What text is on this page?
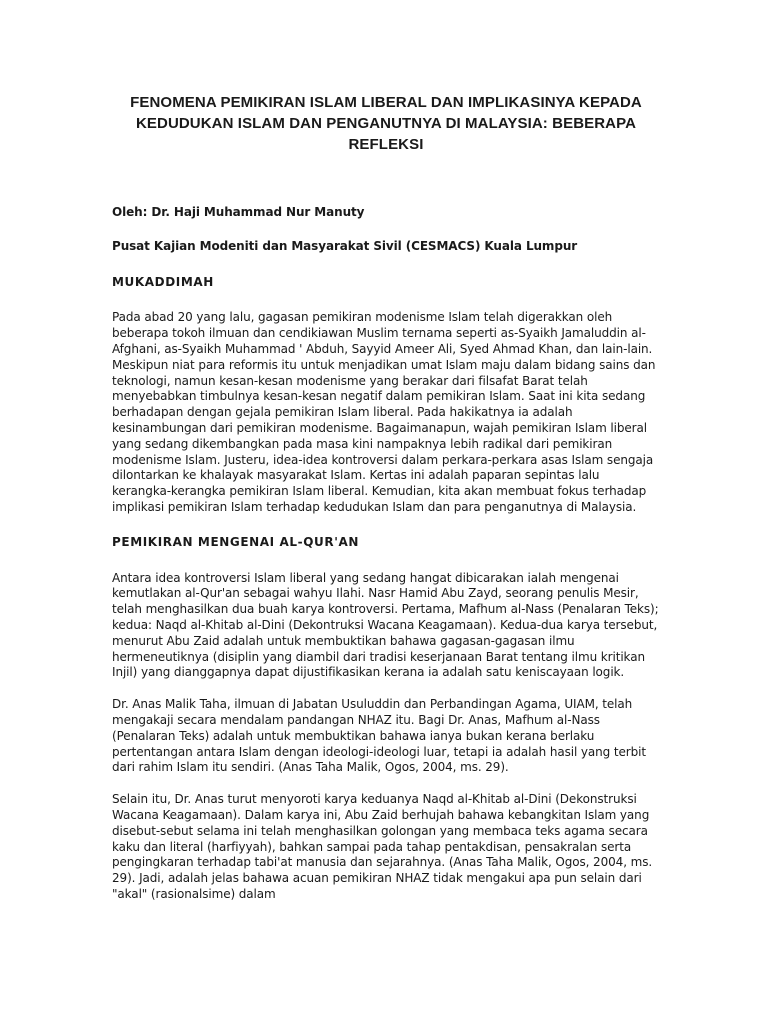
FENOMENA PEMIKIRAN ISLAM LIBERAL DAN IMPLIKASINYA KEPADA KEDUDUKAN ISLAM DAN PENGANUTNYA DI MALAYSIA: BEBERAPA REFLEKSI

Oleh: Dr. Haji Muhammad Nur Manuty

Pusat Kajian Modeniti dan Masyarakat Sivil (CESMACS) Kuala Lumpur

MUKADDIMAH

Pada abad 20 yang lalu, gagasan pemikiran modenisme Islam telah digerakkan oleh beberapa tokoh ilmuan dan cendikiawan Muslim ternama seperti as-Syaikh Jamaluddin al- Afghani, as-Syaikh Muhammad ' Abduh, Sayyid Ameer Ali, Syed Ahmad Khan, dan lain-lain. Meskipun niat para reformis itu untuk menjadikan umat Islam maju dalam bidang sains dan teknologi, namun kesan-kesan modenisme yang berakar dari filsafat Barat telah menyebabkan timbulnya kesan-kesan negatif dalam pemikiran Islam. Saat ini kita sedang berhadapan dengan gejala pemikiran Islam liberal. Pada hakikatnya ia adalah kesinambungan dari pemikiran modenisme. Bagaimanapun, wajah pemikiran Islam liberal yang sedang dikembangkan pada masa kini nampaknya lebih radikal dari pemikiran modenisme Islam. Justeru, idea-idea kontroversi dalam perkara-perkara asas Islam sengaja dilontarkan ke khalayak masyarakat Islam. Kertas ini adalah paparan sepintas lalu kerangka-kerangka pemikiran Islam liberal. Kemudian, kita akan membuat fokus terhadap implikasi pemikiran Islam terhadap kedudukan Islam dan para penganutnya di Malaysia.

PEMIKIRAN MENGENAI AL-QUR'AN

Antara idea kontroversi Islam liberal yang sedang hangat dibicarakan ialah mengenai kemutlakan al-Qur'an sebagai wahyu Ilahi. Nasr Hamid Abu Zayd, seorang penulis Mesir, telah menghasilkan dua buah karya kontroversi. Pertama, Mafhum al-Nass (Penalaran Teks); kedua: Naqd al-Khitab al-Dini (Dekontruksi Wacana Keagamaan). Kedua-dua karya tersebut, menurut Abu Zaid adalah untuk membuktikan bahawa gagasan-gagasan ilmu hermeneutiknya (disiplin yang diambil dari tradisi keserjanaan Barat tentang ilmu kritikan Injil) yang dianggapnya dapat dijustifikasikan kerana ia adalah satu keniscayaan logik.

Dr. Anas Malik Taha, ilmuan di Jabatan Usuluddin dan Perbandingan Agama, UIAM, telah mengakaji secara mendalam pandangan NHAZ itu. Bagi Dr. Anas, Mafhum al-Nass (Penalaran Teks) adalah untuk membuktikan bahawa ianya bukan kerana berlaku pertentangan antara Islam dengan ideologi-ideologi luar, tetapi ia adalah hasil yang terbit dari rahim Islam itu sendiri. (Anas Taha Malik, Ogos, 2004, ms. 29).

Selain itu, Dr. Anas turut menyoroti karya keduanya Naqd al-Khitab al-Dini (Dekonstruksi Wacana Keagamaan). Dalam karya ini, Abu Zaid berhujah bahawa kebangkitan Islam yang disebut-sebut selama ini telah menghasilkan golongan yang membaca teks agama secara kaku dan literal (harfiyyah), bahkan sampai pada tahap pentakdisan, pensakralan serta pengingkaran terhadap tabi'at manusia dan sejarahnya. (Anas Taha Malik, Ogos, 2004, ms. 29). Jadi, adalah jelas bahawa acuan pemikiran NHAZ tidak mengakui apa pun selain dari "akal" (rasionalsime) dalam
